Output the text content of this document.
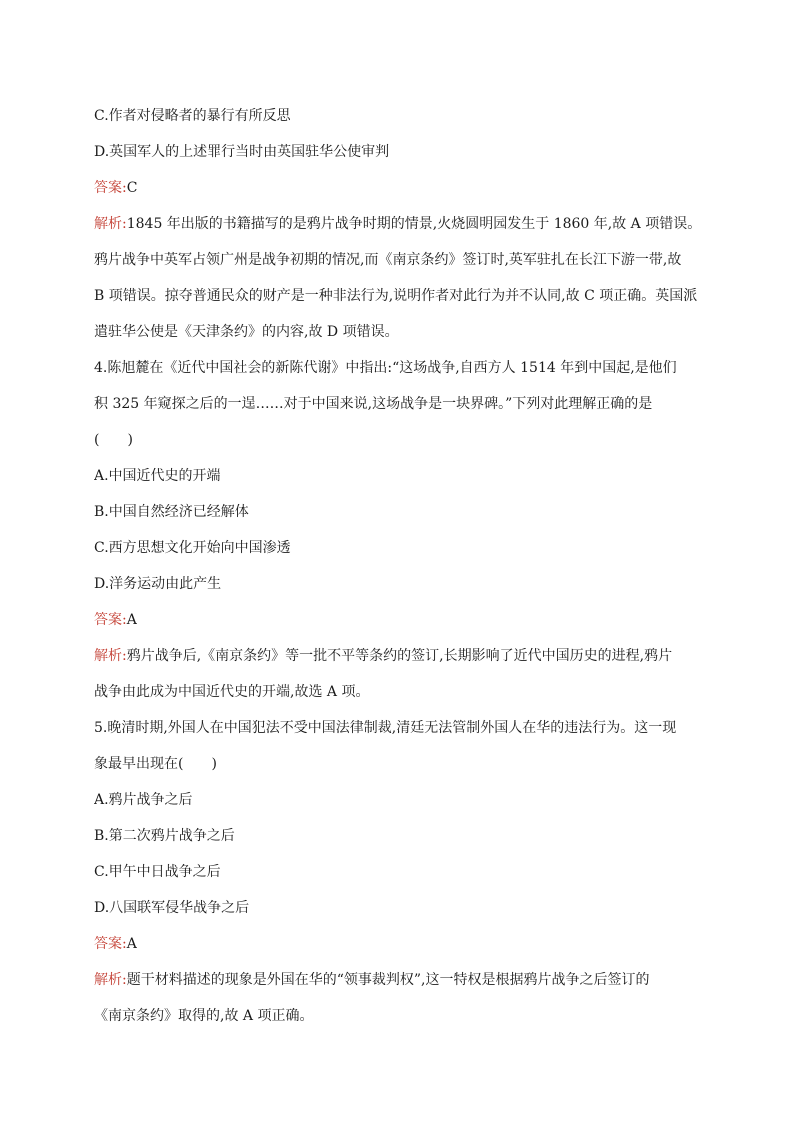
C.作者对侵略者的暴行有所反思
D.英国军人的上述罪行当时由英国驻华公使审判
答案:C
解析:1845 年出版的书籍描写的是鸦片战争时期的情景,火烧圆明园发生于 1860 年,故 A 项错误。
鸦片战争中英军占领广州是战争初期的情况,而《南京条约》签订时,英军驻扎在长江下游一带,故
B 项错误。掠夺普通民众的财产是一种非法行为,说明作者对此行为并不认同,故 C 项正确。英国派
遣驻华公使是《天津条约》的内容,故 D 项错误。
4.陈旭麓在《近代中国社会的新陈代谢》中指出:“这场战争,自西方人 1514 年到中国起,是他们
积 325 年窥探之后的一逞……对于中国来说,这场战争是一块界碑。”下列对此理解正确的是
(　　)
A.中国近代史的开端
B.中国自然经济已经解体
C.西方思想文化开始向中国渗透
D.洋务运动由此产生
答案:A
解析:鸦片战争后,《南京条约》等一批不平等条约的签订,长期影响了近代中国历史的进程,鸦片
战争由此成为中国近代史的开端,故选 A 项。
5.晚清时期,外国人在中国犯法不受中国法律制裁,清廷无法管制外国人在华的违法行为。这一现
象最早出现在(　　)
A.鸦片战争之后
B.第二次鸦片战争之后
C.甲午中日战争之后
D.八国联军侵华战争之后
答案:A
解析:题干材料描述的现象是外国在华的“领事裁判权”,这一特权是根据鸦片战争之后签订的
《南京条约》取得的,故 A 项正确。
